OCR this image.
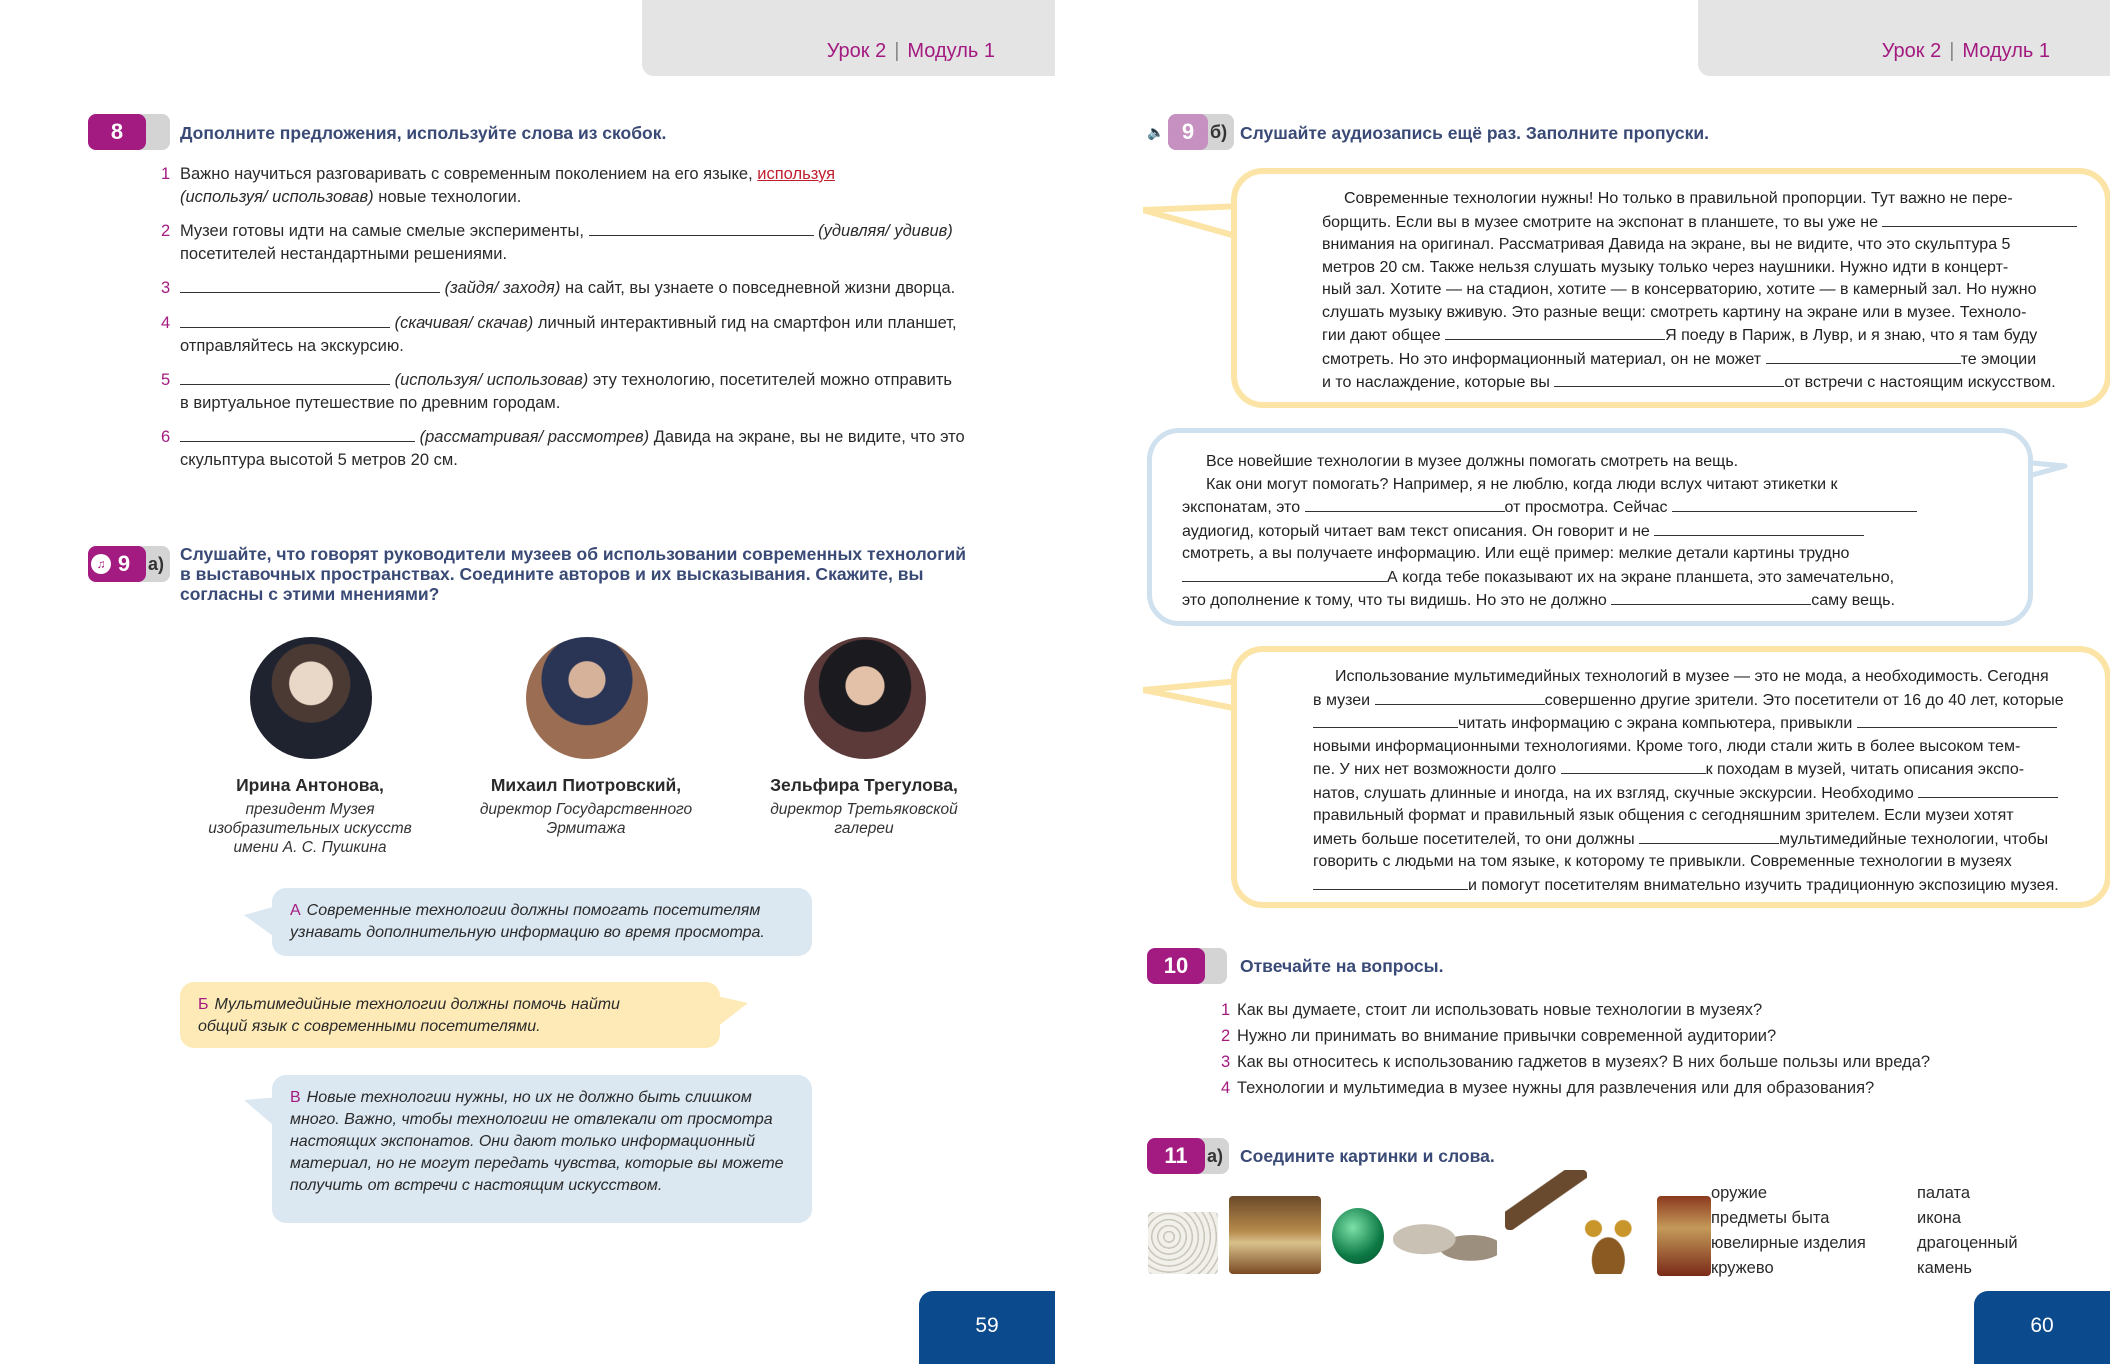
Урок 2 | Модуль 1
8	Дополните предложения, используйте слова из скобок.
1 Важно научиться разговаривать с современным поколением на его языке, используя
(используя/ использовав) новые технологии.
2 Музеи готовы идти на самые смелые эксперименты,	(удивляя/ удивив)
посетителей нестандартными решениями.
3	(зайдя/ заходя) на сайт, вы узнаете о повседневной жизни дворца.
4	(скачивая/ скачав) личный интерактивный гид на смартфон или планшет,
отправляйтесь на экскурсию.
5	(используя/ использовав) эту технологию, посетителей можно отправить
в виртуальное путешествие по древним городам.
6	(рассматривая/ рассмотрев) Давида на экране, вы не видите, что это
скульптура высотой 5 метров 20 см.
9
♫	а) Слушайте, что говорят руководители музеев об использовании современных технологий
в выставочных пространствах. Соедините авторов и их высказывания. Скажите, вы
согласны с этими мнениями?
Ирина Антонова,
президент Музея
изобразительных искусств
имени А. С. Пушкина
Михаил Пиотровский,
директор Государственного
Эрмитажа
Зельфира Трегулова,
директор Третьяковской
галереи
А Современные технологии должны помогать посетителям
узнавать дополнительную информацию во время просмотра.
Б Мультимедийные технологии должны помочь найти
общий язык с современными посетителями.
В Новые технологии нужны, но их не должно быть слишком
много. Важно, чтобы технологии не отвлекали от просмотра
настоящих экспонатов. Они дают только информационный
материал, но не могут передать чувства, которые вы можете
получить от встречи с настоящим искусством.
59
Урок 2 | Модуль 1
🔈 9 б) Слушайте аудиозапись ещё раз. Заполните пропуски.

Современные технологии нужны! Но только в правильной пропорции. Тут важно не пере-

борщить. Если вы в музее смотрите на экспонат в планшете, то вы уже не

внимания на оригинал. Рассматривая Давида на экране, вы не видите, что это скульптура 5

метров 20 см. Также нельзя слушать музыку только через наушники. Нужно идти в концерт-

ный зал. Хотите — на стадион, хотите — в консерваторию, хотите — в камерный зал. Но нужно

слушать музыку вживую. Это разные вещи: смотреть картину на экране или в музее. Техноло-

гии дают общее	Я поеду в Париж, в Лувр, и я знаю, что я там буду

смотреть. Но это информационный материал, он не может	те эмоции

и то наслаждение, которые вы	от встречи с настоящим искусством.

Все новейшие технологии в музее должны помогать смотреть на вещь.

Как они могут помогать? Например, я не люблю, когда люди вслух читают этикетки к

экспонатам, это	от просмотра. Сейчас

аудиогид, который читает вам текст описания. Он говорит и не

смотреть, а вы получаете информацию. Или ещё пример: мелкие детали картины трудно

А когда тебе показывают их на экране планшета, это замечательно,

это дополнение к тому, что ты видишь. Но это не должно	саму вещь.

Использование мультимедийных технологий в музее — это не мода, а необходимость. Сегодня

в музеи	совершенно другие зрители. Это посетители от 16 до 40 лет, которые

читать информацию с экрана компьютера, привыкли

новыми информационными технологиями. Кроме того, люди стали жить в более высоком тем-

пе. У них нет возможности долго	к походам в музей, читать описания экспо-

натов, слушать длинные и иногда, на их взгляд, скучные экскурсии. Необходимо

правильный формат и правильный язык общения с сегодняшним зрителем. Если музеи хотят

иметь больше посетителей, то они должны	мультимедийные технологии, чтобы

говорить с людьми на том языке, к которому те привыкли. Современные технологии в музеях

и помогут посетителям внимательно изучить традиционную экспозицию музея.

10	Отвечайте на вопросы.
1 Как вы думаете, стоит ли использовать новые технологии в музеях?
2 Нужно ли принимать во внимание привычки современной аудитории?
3 Как вы относитесь к использованию гаджетов в музеях? В них больше пользы или вреда?
4 Технологии и мультимедиа в музее нужны для развлечения или для образования?
11	а) Соедините картинки и слова.
оружие
предметы быта
ювелирные изделия
кружево
палата
икона
драгоценный
камень
60
